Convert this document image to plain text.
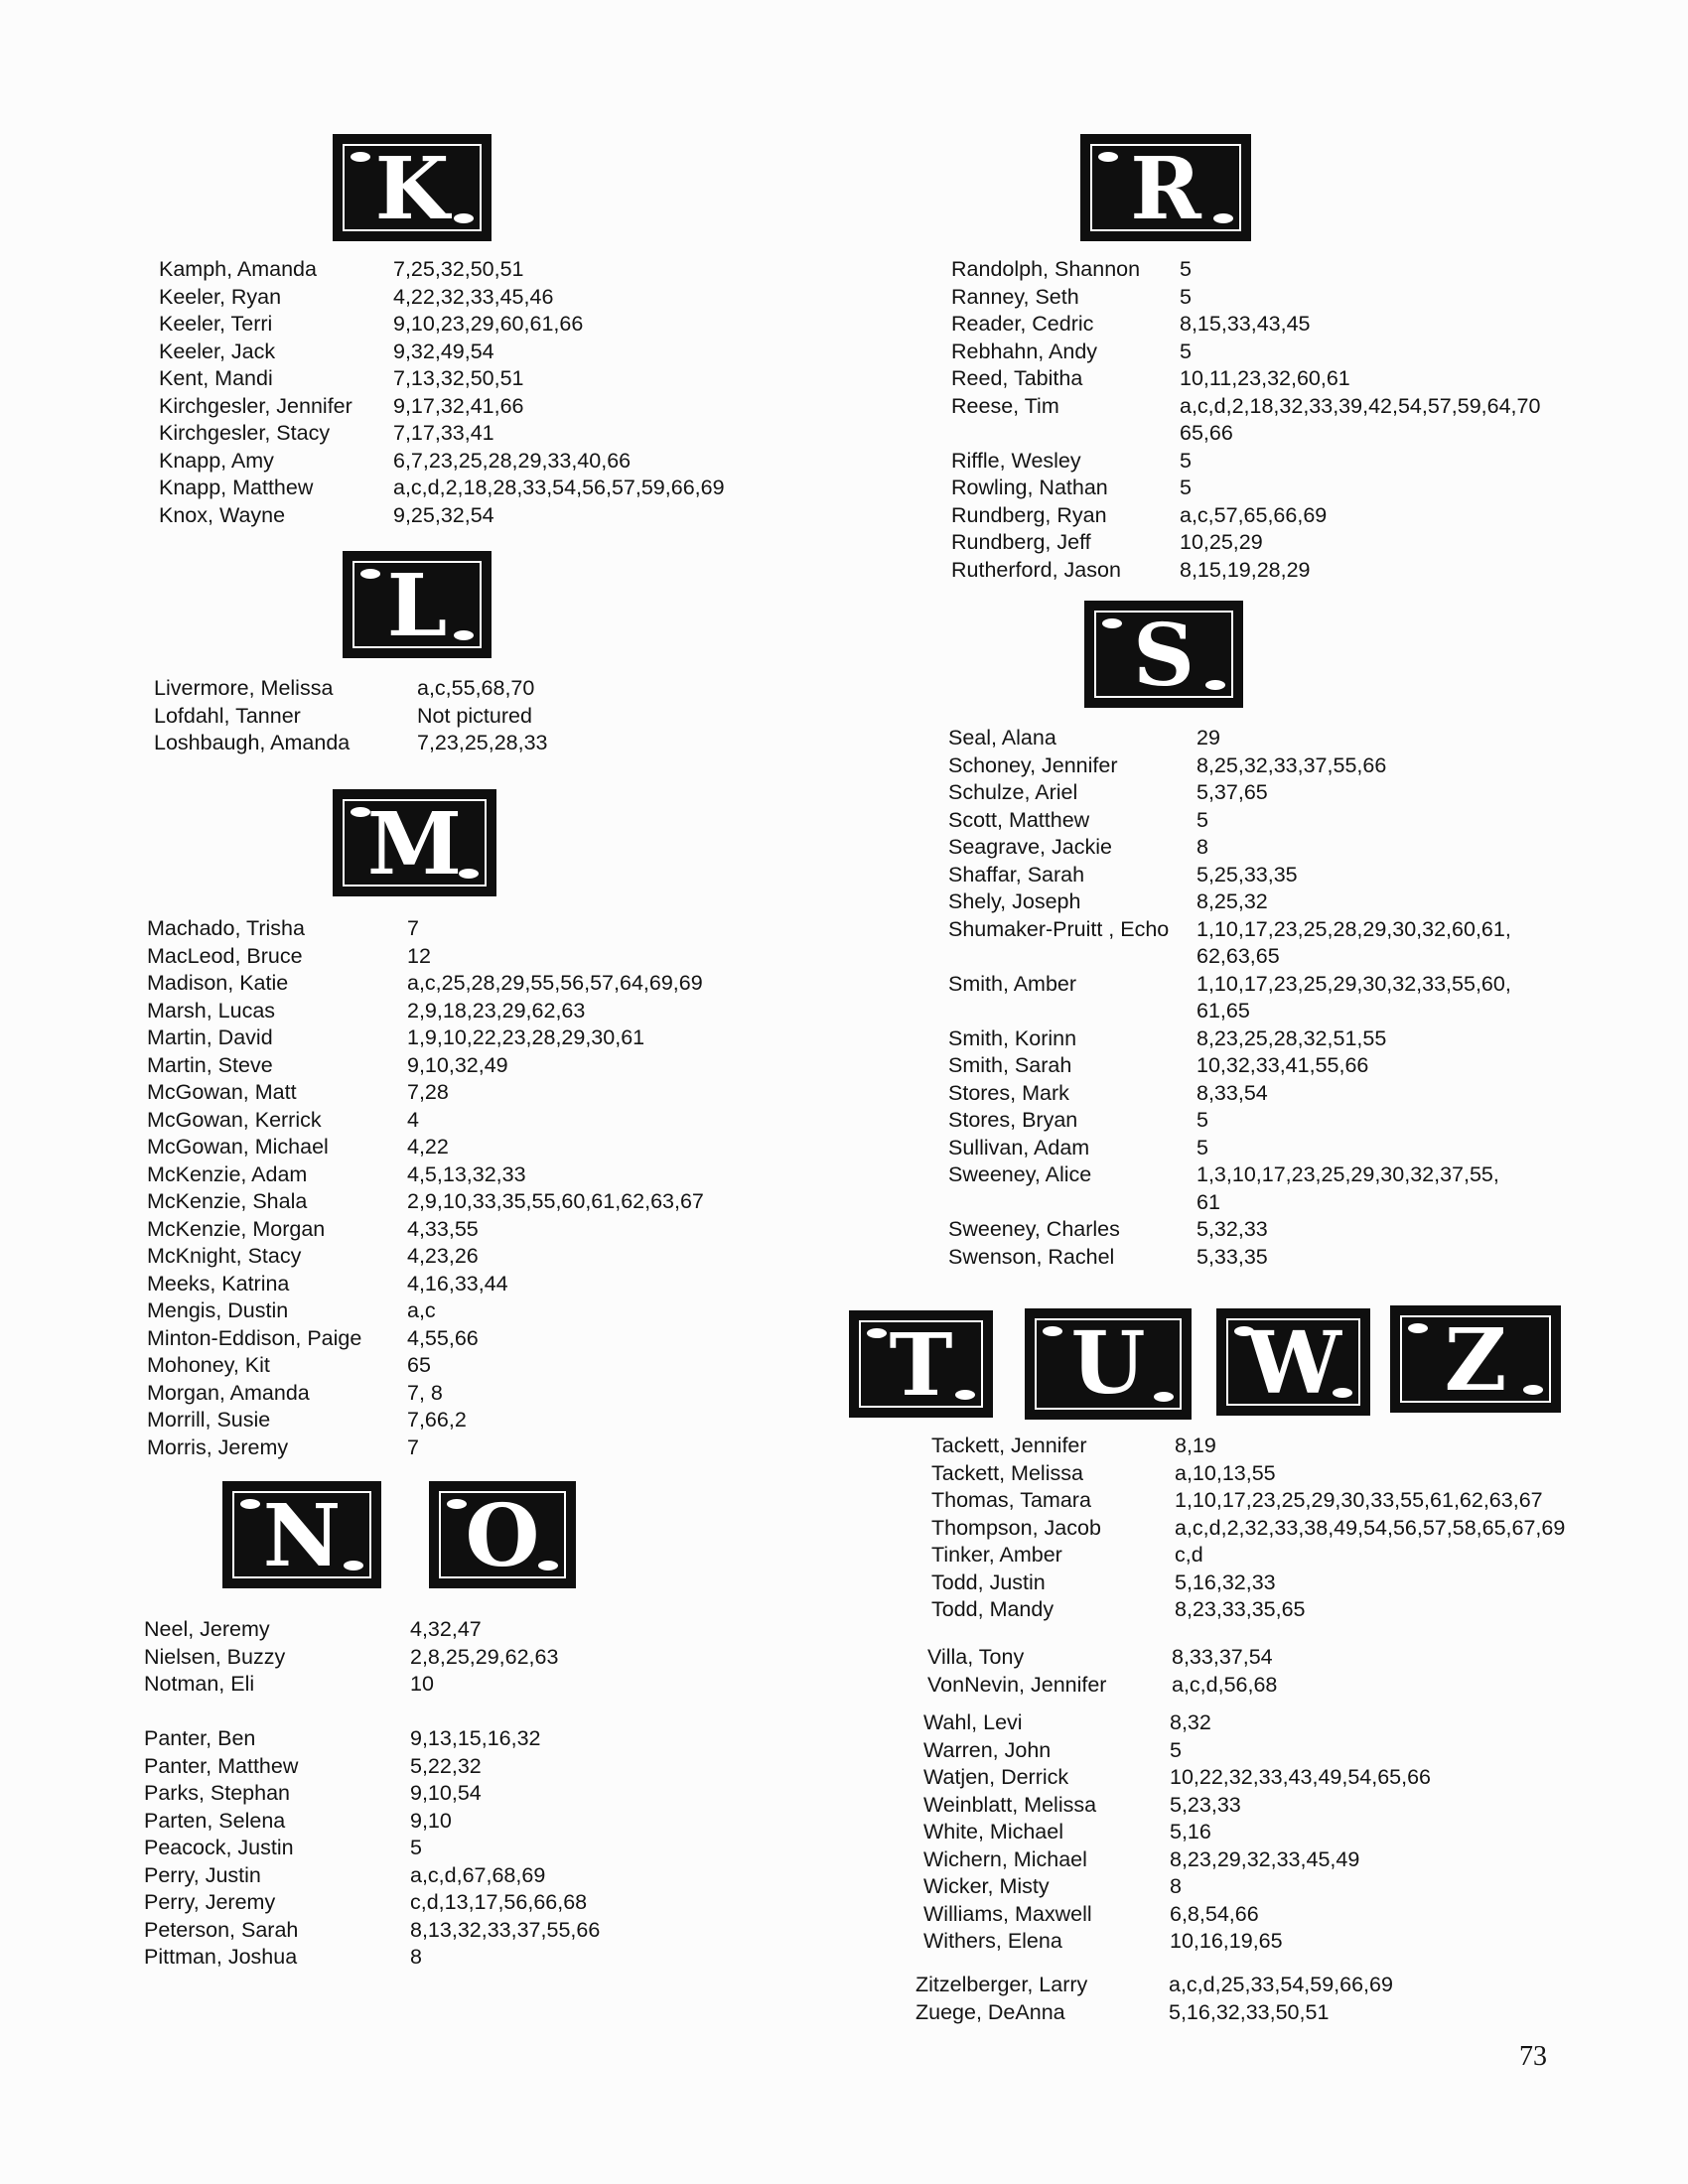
K
L
M
N	O
R
S
T	U	W	Z
Kamph, Amanda	7,25,32,50,51
Keeler, Ryan	4,22,32,33,45,46
Keeler, Terri	9,10,23,29,60,61,66
Keeler, Jack	9,32,49,54
Kent, Mandi	7,13,32,50,51
Kirchgesler, Jennifer 9,17,32,41,66
Kirchgesler, Stacy	7,17,33,41
Knapp, Amy	6,7,23,25,28,29,33,40,66
Knapp, Matthew	a,c,d,2,18,28,33,54,56,57,59,66,69
Knox, Wayne	9,25,32,54
Livermore, Melissa	a,c,55,68,70
Lofdahl, Tanner	Not pictured
Loshbaugh, Amanda	7,23,25,28,33
Machado, Trisha	7
MacLeod, Bruce	12
Madison, Katie	a,c,25,28,29,55,56,57,64,69,69
Marsh, Lucas	2,9,18,23,29,62,63
Martin, David	1,9,10,22,23,28,29,30,61
Martin, Steve	9,10,32,49
McGowan, Matt	7,28
McGowan, Kerrick	4
McGowan, Michael	4,22
McKenzie, Adam	4,5,13,32,33
McKenzie, Shala	2,9,10,33,35,55,60,61,62,63,67
McKenzie, Morgan	4,33,55
McKnight, Stacy	4,23,26
Meeks, Katrina	4,16,33,44
Mengis, Dustin	a,c
Minton-Eddison, Paige 4,55,66
Mohoney, Kit	65
Morgan, Amanda	7, 8
Morrill, Susie	7,66,2
Morris, Jeremy	7
Neel, Jeremy	4,32,47
Nielsen, Buzzy	2,8,25,29,62,63
Notman, Eli	10
Panter, Ben	9,13,15,16,32
Panter, Matthew	5,22,32
Parks, Stephan	9,10,54
Parten, Selena	9,10
Peacock, Justin	5
Perry, Justin	a,c,d,67,68,69
Perry, Jeremy	c,d,13,17,56,66,68
Peterson, Sarah	8,13,32,33,37,55,66
Pittman, Joshua	8
Randolph, Shannon 5
Ranney, Seth	5
Reader, Cedric	8,15,33,43,45
Rebhahn, Andy	5
Reed, Tabitha	10,11,23,32,60,61
Reese, Tim	a,c,d,2,18,32,33,39,42,54,57,59,64,70
65,66
Riffle, Wesley	5
Rowling, Nathan	5
Rundberg, Ryan	a,c,57,65,66,69
Rundberg, Jeff	10,25,29
Rutherford, Jason	8,15,19,28,29
Seal, Alana	29
Schoney, Jennifer	8,25,32,33,37,55,66
Schulze, Ariel	5,37,65
Scott, Matthew	5
Seagrave, Jackie	8
Shaffar, Sarah	5,25,33,35
Shely, Joseph	8,25,32
Shumaker-Pruitt , Echo 1,10,17,23,25,28,29,30,32,60,61,
62,63,65
Smith, Amber	1,10,17,23,25,29,30,32,33,55,60,
61,65
Smith, Korinn	8,23,25,28,32,51,55
Smith, Sarah	10,32,33,41,55,66
Stores, Mark	8,33,54
Stores, Bryan	5
Sullivan, Adam	5
Sweeney, Alice	1,3,10,17,23,25,29,30,32,37,55,
61
Sweeney, Charles	5,32,33
Swenson, Rachel	5,33,35
Tackett, Jennifer	8,19
Tackett, Melissa	a,10,13,55
Thomas, Tamara	1,10,17,23,25,29,30,33,55,61,62,63,67
Thompson, Jacob	a,c,d,2,32,33,38,49,54,56,57,58,65,67,69
Tinker, Amber	c,d
Todd, Justin	5,16,32,33
Todd, Mandy	8,23,33,35,65
Villa, Tony	8,33,37,54
VonNevin, Jennifer	a,c,d,56,68
Wahl, Levi	8,32
Warren, John	5
Watjen, Derrick	10,22,32,33,43,49,54,65,66
Weinblatt, Melissa	5,23,33
White, Michael	5,16
Wichern, Michael	8,23,29,32,33,45,49
Wicker, Misty	8
Williams, Maxwell	6,8,54,66
Withers, Elena	10,16,19,65
Zitzelberger, Larry	a,c,d,25,33,54,59,66,69
Zuege, DeAnna	5,16,32,33,50,51
73
